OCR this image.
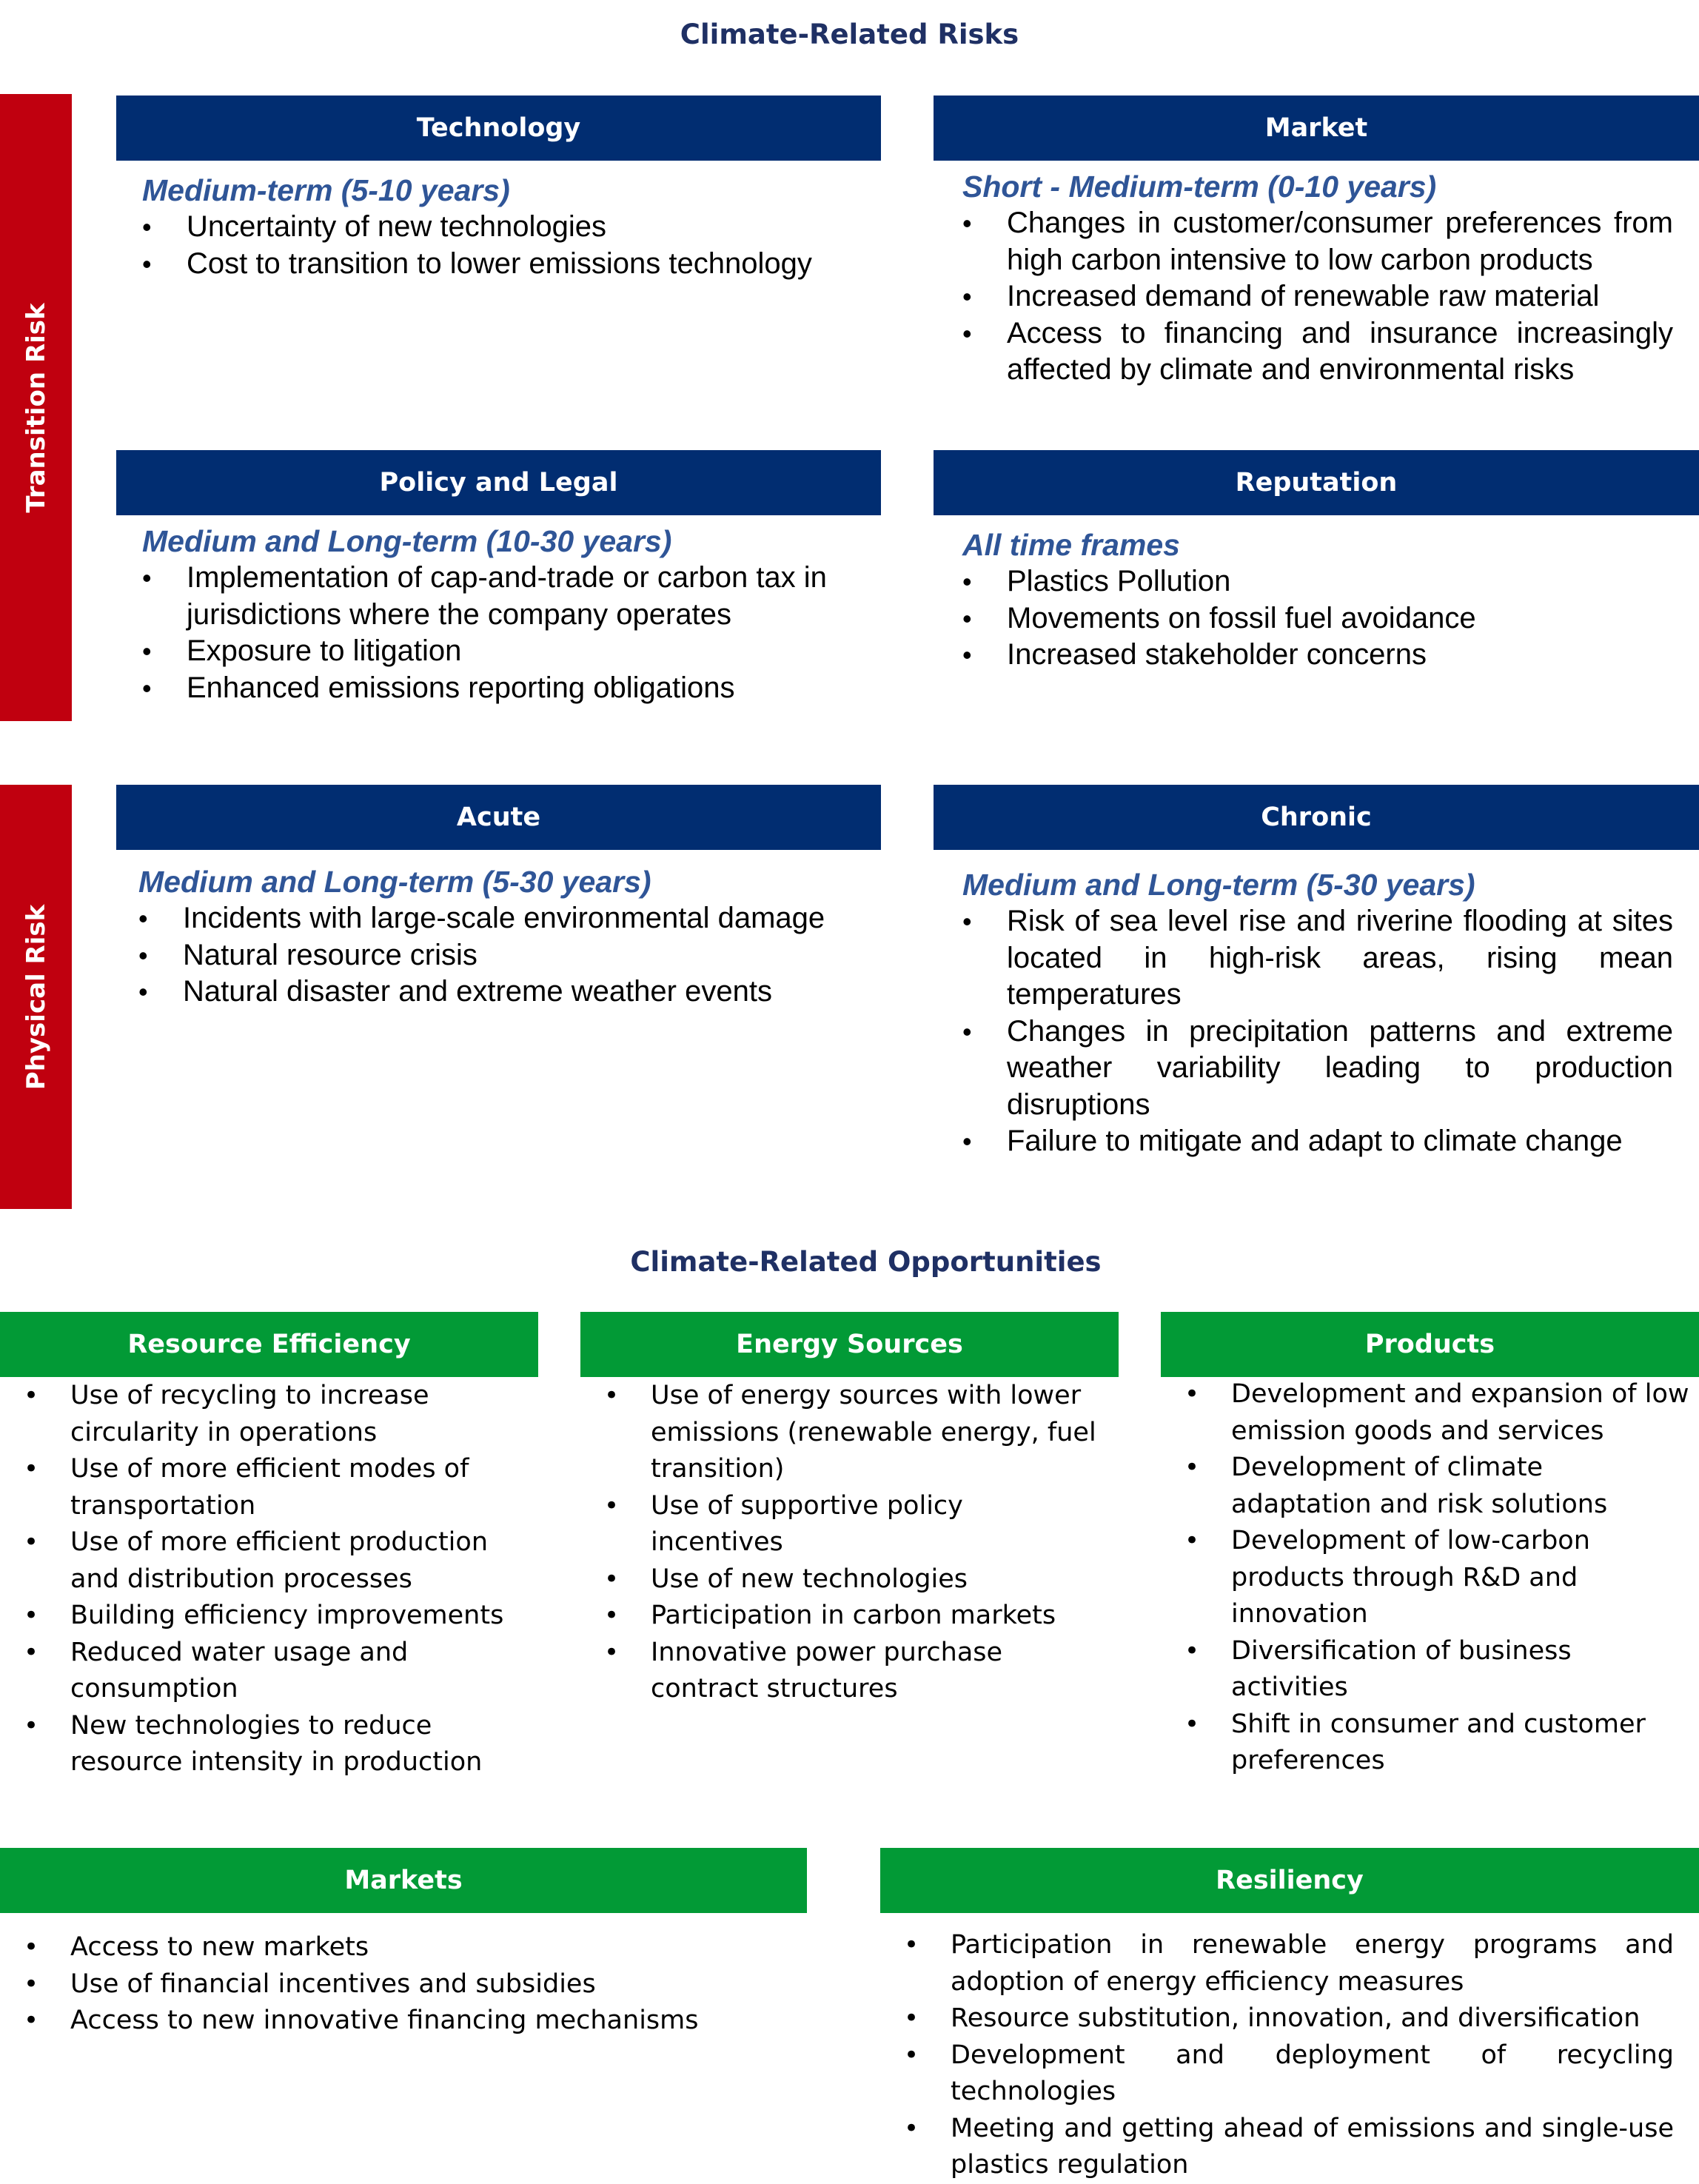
Climate-Related Risks
Transition Risk
Physical Risk
Technology

Medium-term (5-10 years)

• Uncertainty of new technologies
• Cost to transition to lower emissions technology
Market

Short - Medium-term (0-10 years)

• Changes in customer/consumer preferences from high carbon intensive to low carbon products
• Increased demand of renewable raw material
• Access to financing and insurance increasingly affected by climate and environmental risks
Policy and Legal

Medium and Long-term (10-30 years)

• Implementation of cap-and-trade or carbon tax in jurisdictions where the company operates
• Exposure to litigation
• Enhanced emissions reporting obligations
Reputation

All time frames

• Plastics Pollution
• Movements on fossil fuel avoidance
• Increased stakeholder concerns
Acute

Medium and Long-term (5-30 years)

• Incidents with large-scale environmental damage
• Natural resource crisis
• Natural disaster and extreme weather events
Chronic

Medium and Long-term (5-30 years)

• Risk of sea level rise and riverine flooding at sites located in high-risk areas, rising mean temperatures
• Changes in precipitation patterns and extreme weather variability leading to production disruptions
• Failure to mitigate and adapt to climate change
Climate-Related Opportunities
Resource Efficiency
• Use of recycling to increase circularity in operations
• Use of more efficient modes of transportation
• Use of more efficient production and distribution processes
• Building efficiency improvements
• Reduced water usage and consumption
• New technologies to reduce resource intensity in production
Energy Sources
• Use of energy sources with lower emissions (renewable energy, fuel transition)
• Use of supportive policy incentives
• Use of new technologies
• Participation in carbon markets
• Innovative power purchase contract structures
Products
• Development and expansion of low emission goods and services
• Development of climate adaptation and risk solutions
• Development of low-carbon products through R&D and innovation
• Diversification of business activities
• Shift in consumer and customer preferences
Markets
• Access to new markets
• Use of financial incentives and subsidies
• Access to new innovative financing mechanisms
Resiliency
• Participation in renewable energy programs and adoption of energy efficiency measures
• Resource substitution, innovation, and diversification
• Development and deployment of recycling technologies
• Meeting and getting ahead of emissions and single-use plastics regulation
